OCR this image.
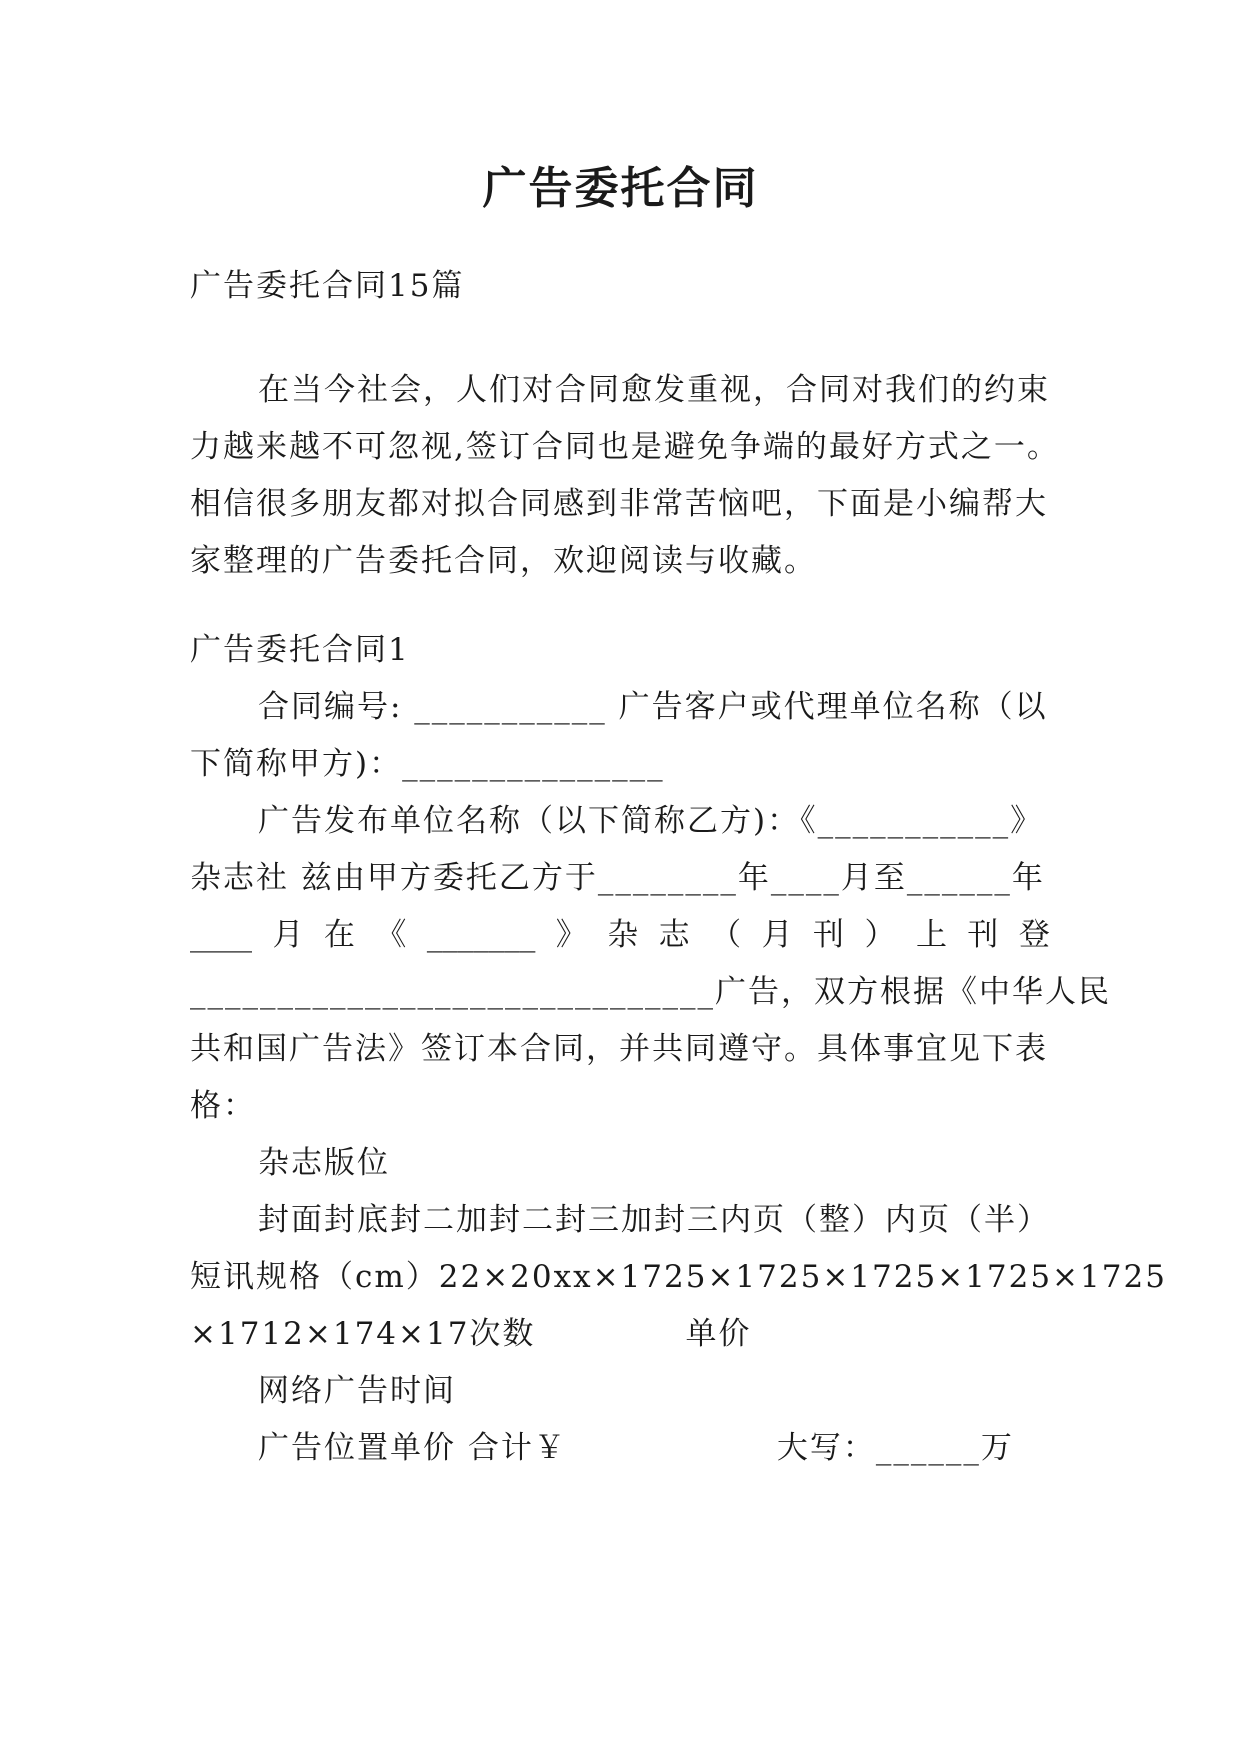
广告委托合同
广告委托合同15篇
在当今社会，人们对合同愈发重视，合同对我们的约束
力越来越不可忽视,签订合同也是避免争端的最好方式之一。
相信很多朋友都对拟合同感到非常苦恼吧，下面是小编帮大
家整理的广告委托合同，欢迎阅读与收藏。
广告委托合同1
合同编号: ___________ 广告客户或代理单位名称（以
下简称甲方)：_______________
广告发布单位名称（以下简称乙方)：《___________》
杂志社 兹由甲方委托乙方于________年____月至______年
____ 月 在 《 _______ 》 杂 志 （ 月 刊 ） 上 刊 登
______________________________广告，双方根据《中华人民
共和国广告法》签订本合同，并共同遵守。具体事宜见下表
格：
杂志版位
封面封底封二加封二封三加封三内页（整）内页（半）
短讯规格（cm）22×20xx×1725×1725×1725×1725×1725
×1712×174×17次数	单价
网络广告时间
广告位置单价 合计￥	大写：______万
